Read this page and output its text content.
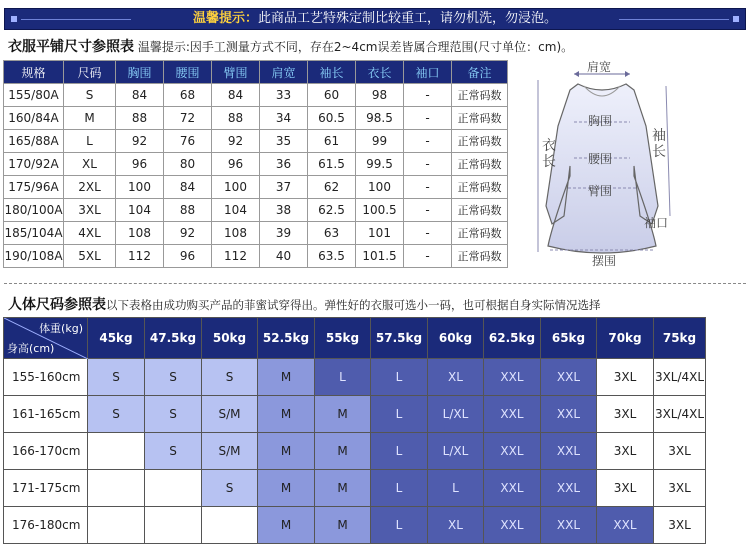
温馨提示：此商品工艺特殊定制比较重工，请勿机洗，勿浸泡。
衣服平铺尺寸参照表 温馨提示:因手工测量方式不同，存在2~4cm误差皆属合理范围(尺寸单位：cm)。
规格	尺码	胸围	腰围	臂围	肩宽	袖长	衣长	袖口	备注
155/80A	S	84	68	84	33	60	98	-	正常码数
160/84A	M	88	72	88	34	60.5	98.5	-	正常码数
165/88A	L	92	76	92	35	61	99	-	正常码数
170/92A	XL	96	80	96	36	61.5	99.5	-	正常码数
175/96A	2XL	100	84	100	37	62	100	-	正常码数
180/100A	3XL	104	88	104	38	62.5	100.5	-	正常码数
185/104A	4XL	108	92	108	39	63	101	-	正常码数
190/108A	5XL	112	96	112	40	63.5	101.5	-	正常码数
肩宽
胸围
腰围
臂围
袖长
衣长
袖口
摆围
人体尺码参照表以下表格由成功购买产品的菲蜜试穿得出。弹性好的衣服可选小一码，也可根据自身实际情况选择
体重(kg)
身高(cm)	45kg	47.5kg	50kg	52.5kg	55kg	57.5kg	60kg	62.5kg	65kg	70kg	75kg
155-160cm	S	S	S	M	L	L	XL	XXL	XXL	3XL	3XL/4XL
161-165cm	S	S	S/M	M	M	L	L/XL	XXL	XXL	3XL	3XL/4XL
166-170cm		S	S/M	M	M	L	L/XL	XXL	XXL	3XL	3XL
171-175cm			S	M	M	L	L	XXL	XXL	3XL	3XL
176-180cm				M	M	L	XL	XXL	XXL	XXL	3XL
